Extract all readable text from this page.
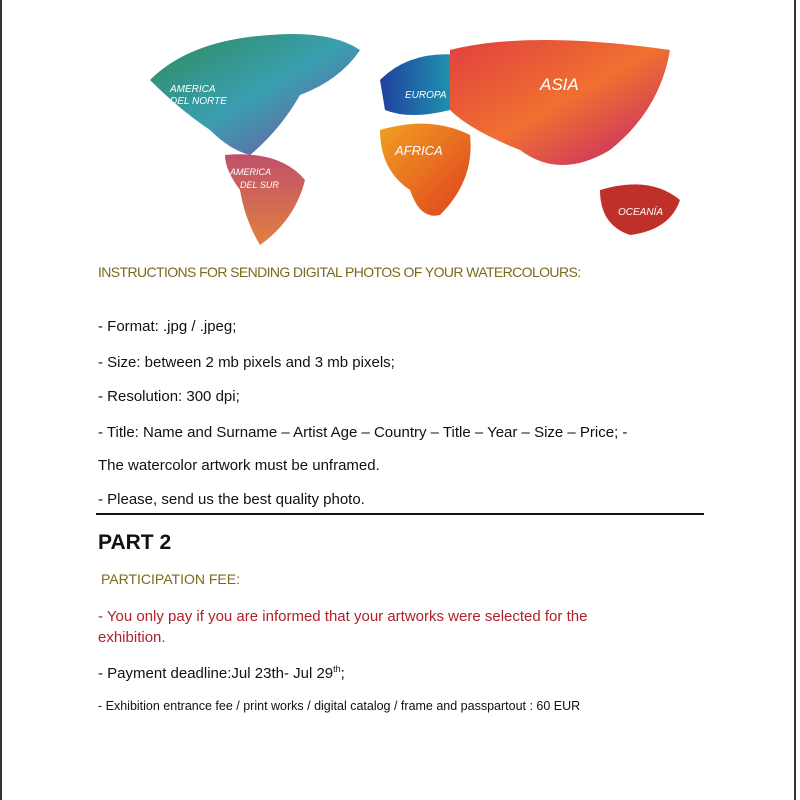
AMERICA
DEL NORTE
EUROPA
ASIA
AFRICA
AMERICA
DEL SUR
OCEANÍA
INSTRUCTIONS FOR SENDING DIGITAL PHOTOS OF YOUR WATERCOLOURS:
- Format: .jpg / .jpeg;
- Size: between 2 mb pixels and 3 mb pixels;
- Resolution: 300 dpi;
- Title: Name and Surname – Artist Age – Country – Title – Year – Size – Price; -
The watercolor artwork must be unframed.
- Please, send us the best quality photo.
PART 2
PARTICIPATION FEE:
- You only pay if you are informed that your artworks were selected for the
exhibition.
- Payment deadline:Jul 23th- Jul 29th;
- Exhibition entrance fee / print works / digital catalog / frame and passpartout : 60 EUR
